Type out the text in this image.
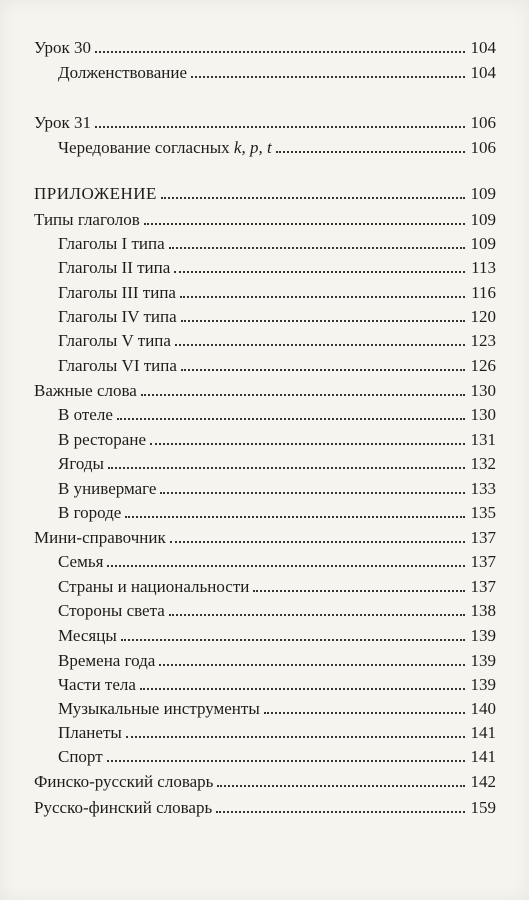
Урок 30	104
Долженствование	104
Урок 31	106
Чередование согласных k, p, t	106
ПРИЛОЖЕНИЕ	109
Типы глаголов	109
Глаголы I типа	109
Глаголы II типа	113
Глаголы III типа	116
Глаголы IV типа	120
Глаголы V типа	123
Глаголы VI типа	126
Важные слова	130
В отеле	130
В ресторане	131
Ягоды	132
В универмаге	133
В городе	135
Мини-справочник	137
Семья	137
Страны и национальности	137
Стороны света	138
Месяцы	139
Времена года	139
Части тела	139
Музыкальные инструменты	140
Планеты	141
Спорт	141
Финско-русский словарь	142
Русско-финский словарь	159
